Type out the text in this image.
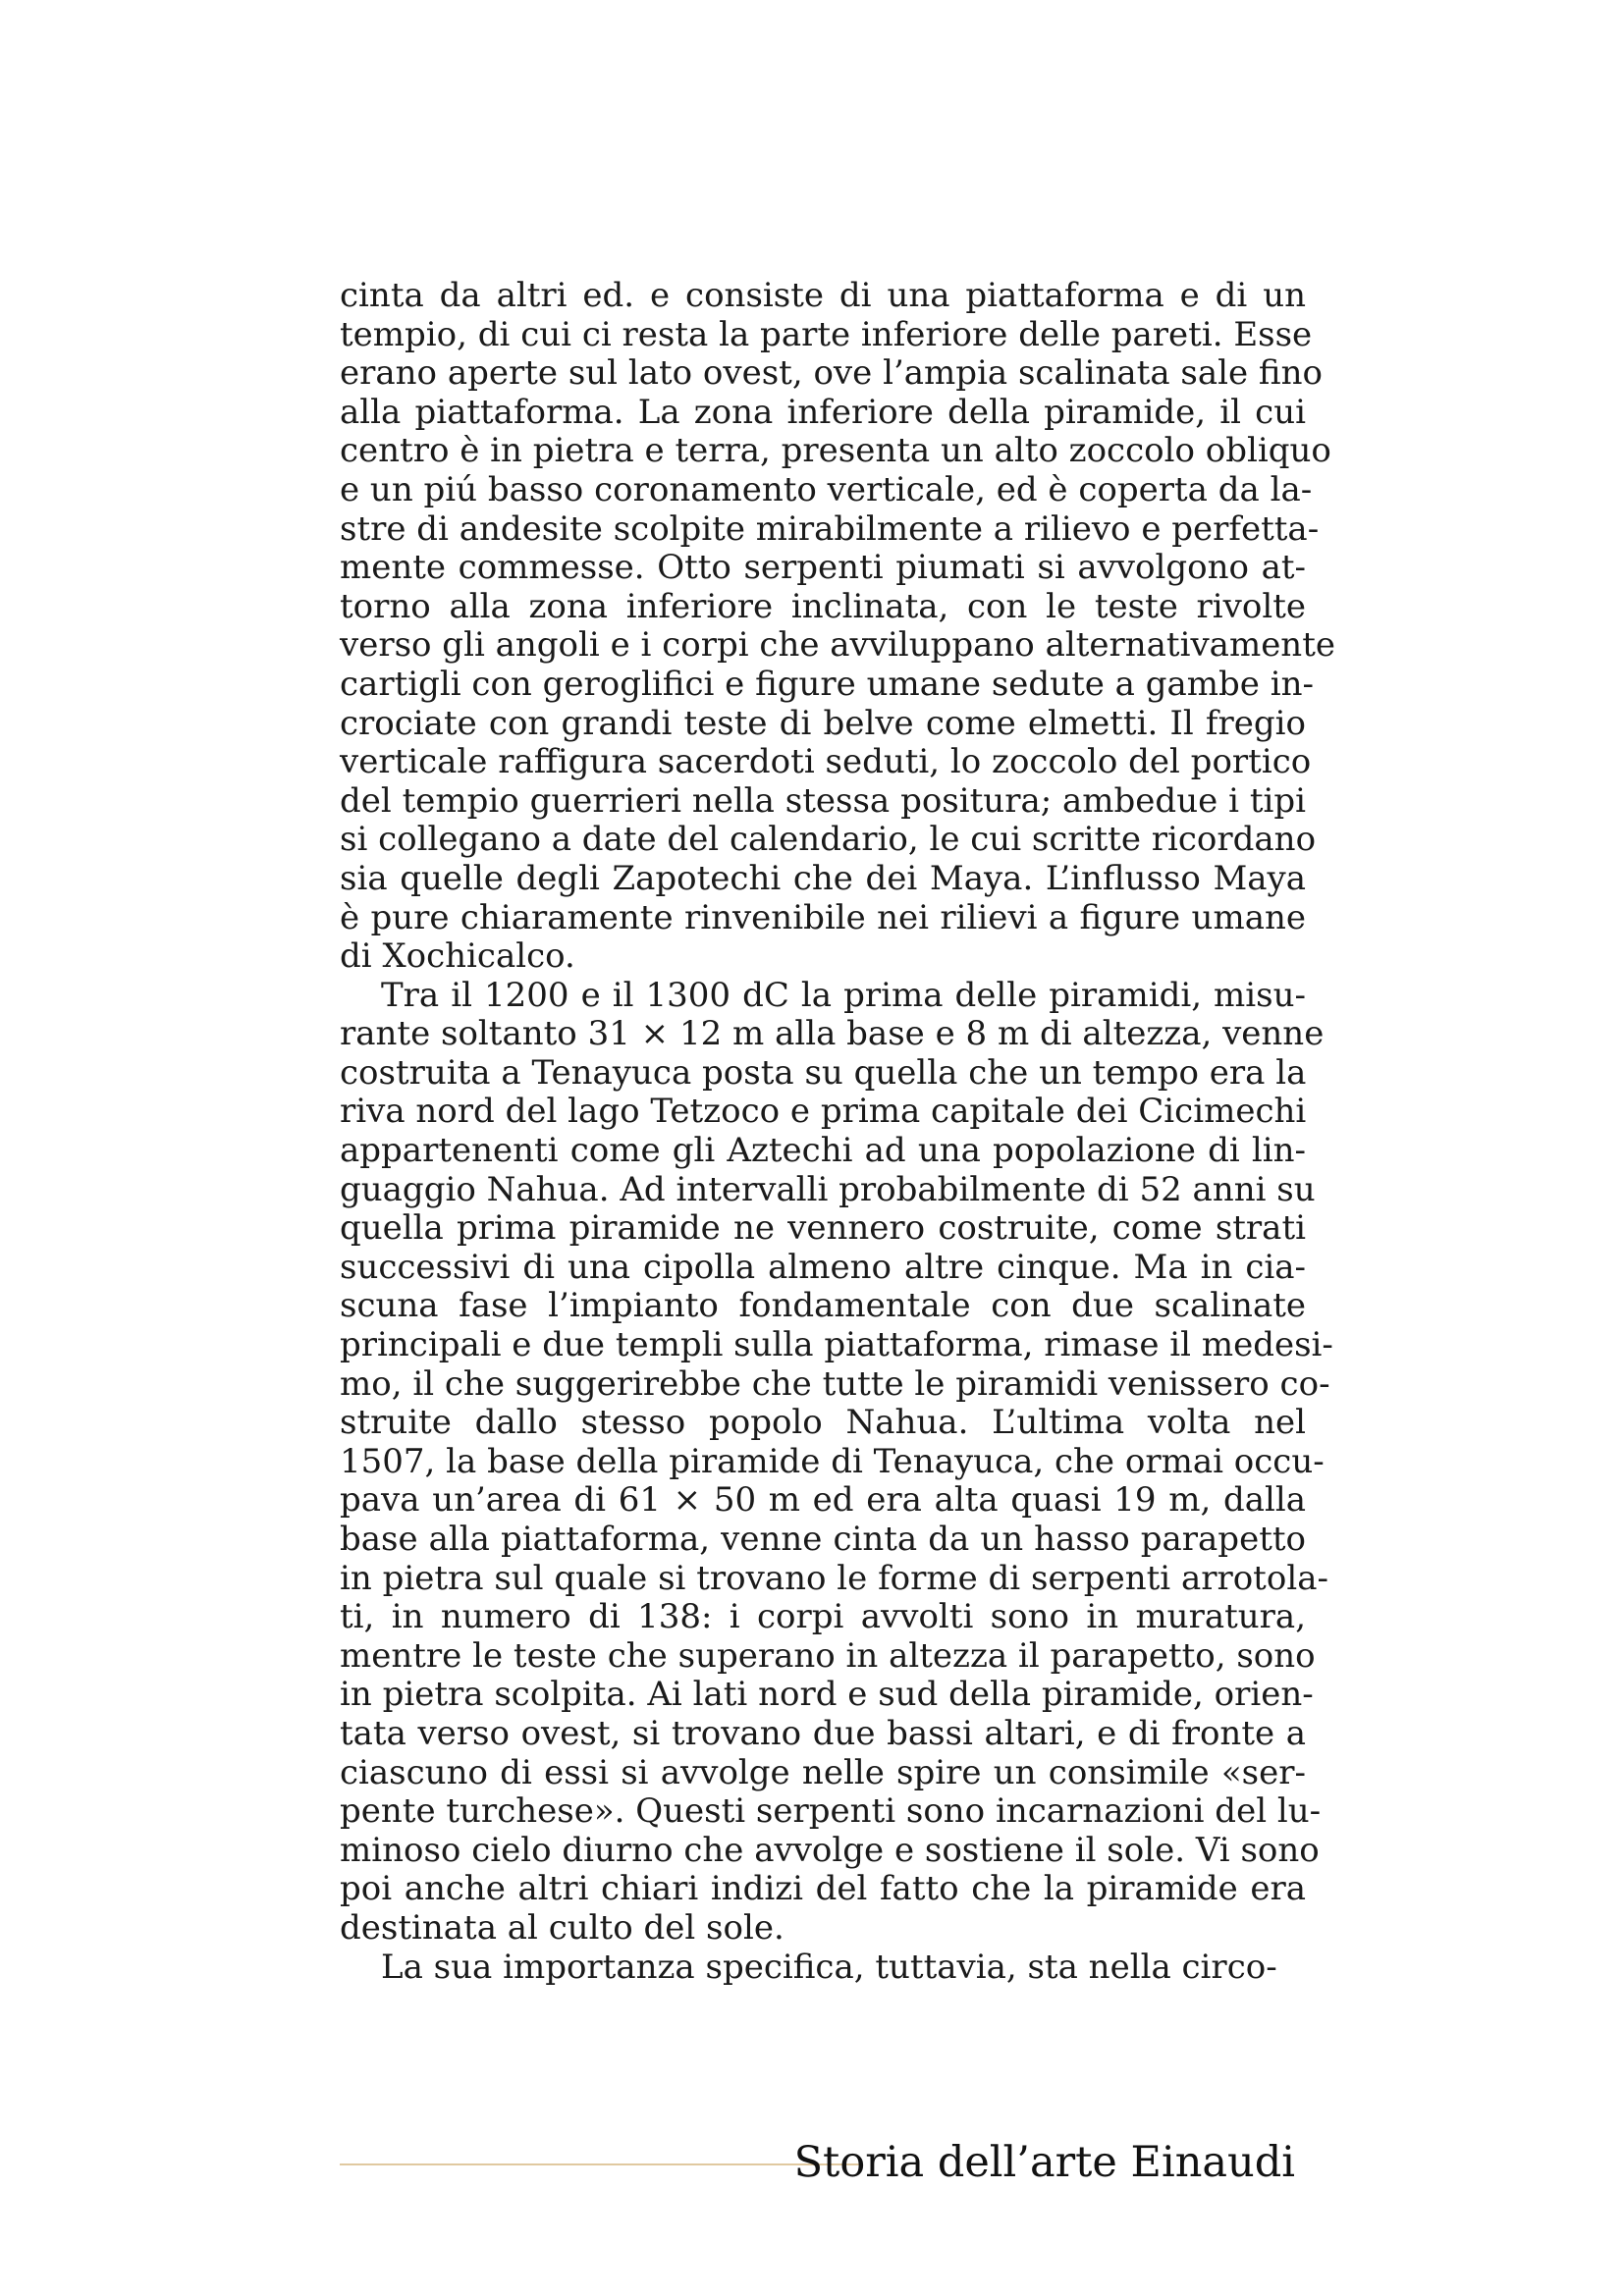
cinta da altri ed. e consiste di una piattaforma e di un
tempio, di cui ci resta la parte inferiore delle pareti. Esse
erano aperte sul lato ovest, ove l’ampia scalinata sale fino
alla piattaforma. La zona inferiore della piramide, il cui
centro è in pietra e terra, presenta un alto zoccolo obliquo
e un piú basso coronamento verticale, ed è coperta da la-
stre di andesite scolpite mirabilmente a rilievo e perfetta-
mente commesse. Otto serpenti piumati si avvolgono at-
torno alla zona inferiore inclinata, con le teste rivolte
verso gli angoli e i corpi che avviluppano alternativamente
cartigli con geroglifici e figure umane sedute a gambe in-
crociate con grandi teste di belve come elmetti. Il fregio
verticale raffigura sacerdoti seduti, lo zoccolo del portico
del tempio guerrieri nella stessa positura; ambedue i tipi
si collegano a date del calendario, le cui scritte ricordano
sia quelle degli Zapotechi che dei Maya. L’influsso Maya
è pure chiaramente rinvenibile nei rilievi a figure umane
di Xochicalco.
Tra il 1200 e il 1300 dC la prima delle piramidi, misu-
rante soltanto 31 × 12 m alla base e 8 m di altezza, venne
costruita a Tenayuca posta su quella che un tempo era la
riva nord del lago Tetzoco e prima capitale dei Cicimechi
appartenenti come gli Aztechi ad una popolazione di lin-
guaggio Nahua. Ad intervalli probabilmente di 52 anni su
quella prima piramide ne vennero costruite, come strati
successivi di una cipolla almeno altre cinque. Ma in cia-
scuna fase l’impianto fondamentale con due scalinate
principali e due templi sulla piattaforma, rimase il medesi-
mo, il che suggerirebbe che tutte le piramidi venissero co-
struite dallo stesso popolo Nahua. L’ultima volta nel
1507, la base della piramide di Tenayuca, che ormai occu-
pava un’area di 61 × 50 m ed era alta quasi 19 m, dalla
base alla piattaforma, venne cinta da un hasso parapetto
in pietra sul quale si trovano le forme di serpenti arrotola-
ti, in numero di 138: i corpi avvolti sono in muratura,
mentre le teste che superano in altezza il parapetto, sono
in pietra scolpita. Ai lati nord e sud della piramide, orien-
tata verso ovest, si trovano due bassi altari, e di fronte a
ciascuno di essi si avvolge nelle spire un consimile «ser-
pente turchese». Questi serpenti sono incarnazioni del lu-
minoso cielo diurno che avvolge e sostiene il sole. Vi sono
poi anche altri chiari indizi del fatto che la piramide era
destinata al culto del sole.
La sua importanza specifica, tuttavia, sta nella circo-
Storia dell’arte Einaudi
